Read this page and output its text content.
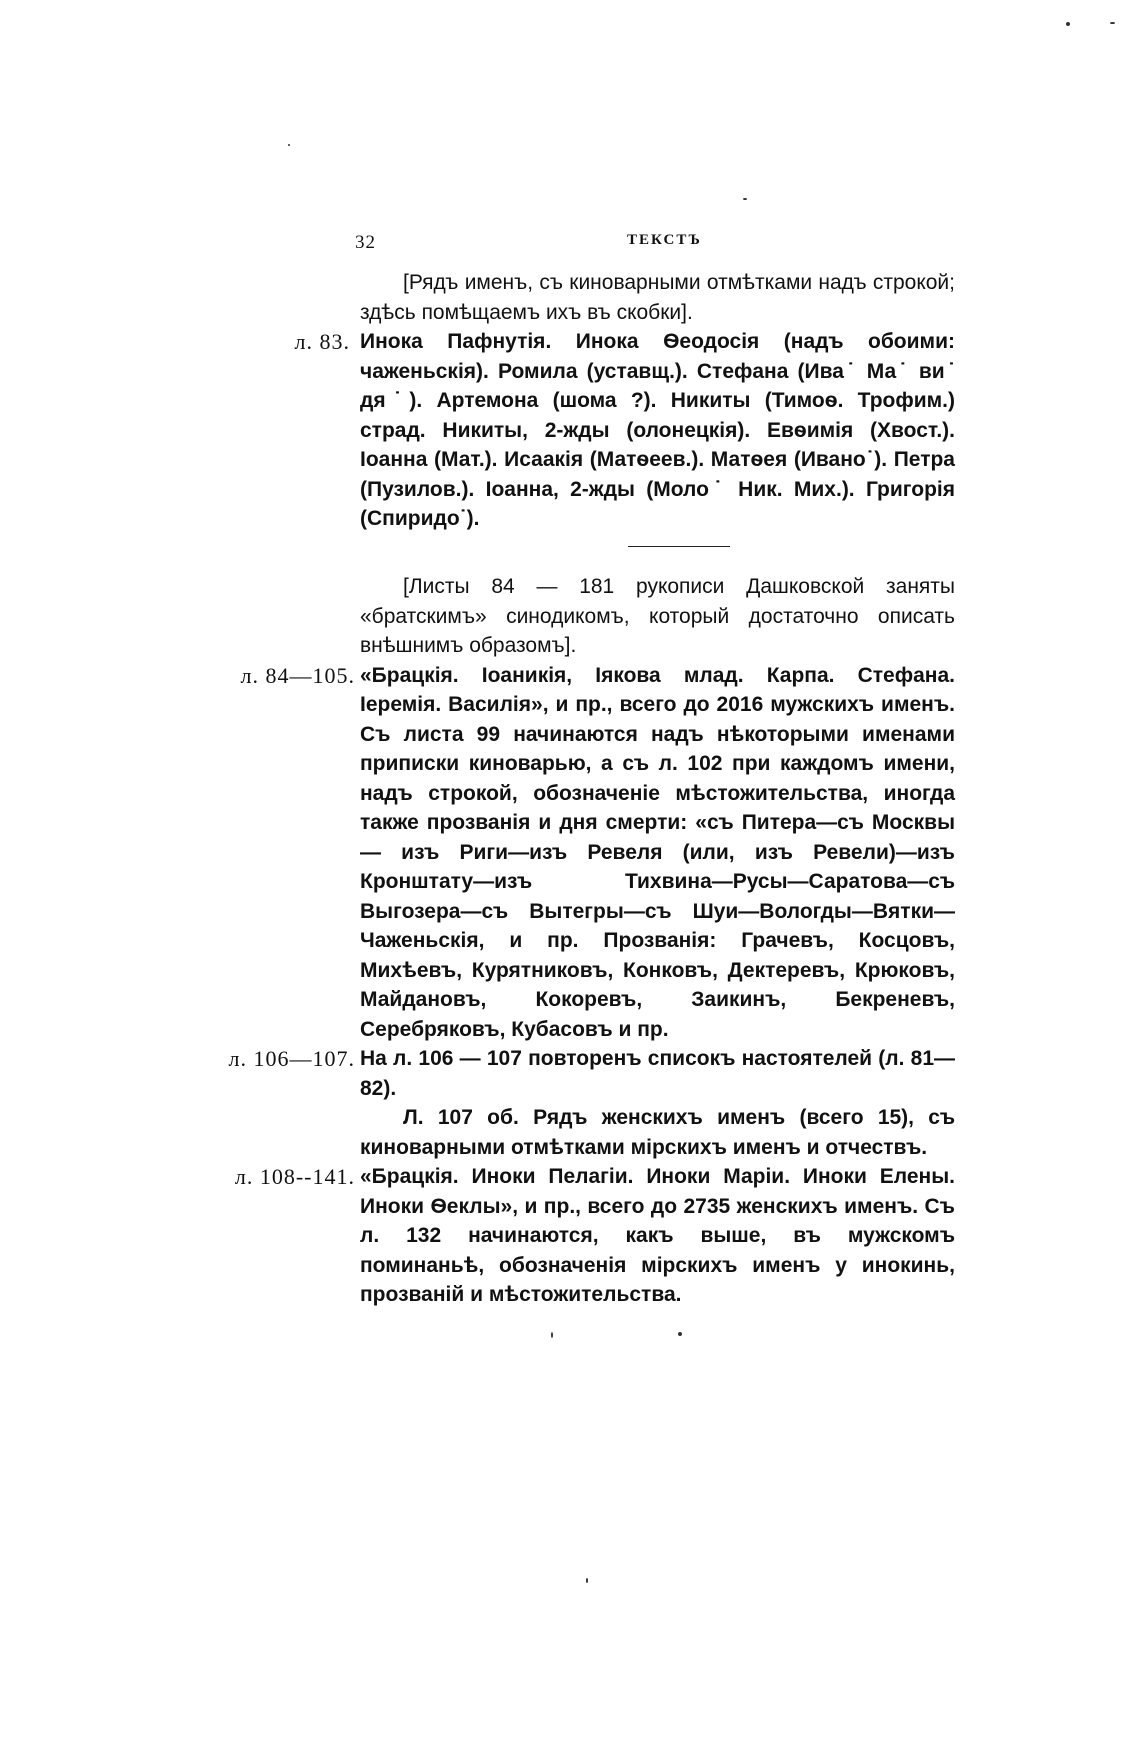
32	ТЕКСТЪ
[Рядъ именъ, съ киноварными отмѣтками надъ строкой; здѣсь помѣщаемъ ихъ въ скобки].
л. 83. Инока Пафнутія. Инока Ѳеодосія (надъ обоими: чаженьскія). Ромила (уставщ.). Стефана (Ива˙ Ма˙ ви˙ дя˙). Артемона (шома ?). Никиты (Тимоѳ. Трофим.) страд. Никиты, 2-жды (олонецкія). Евѳимія (Хвост.). Іоанна (Мат.). Исаакія (Матѳеев.). Матѳея (Ивано˙). Петра (Пузилов.). Іоанна, 2-жды (Моло˙ Ник. Мих.). Григорія (Спиридо˙).
[Листы 84 — 181 рукописи Дашковской заняты «братскимъ» синодикомъ, который достаточно описать внѣшнимъ образомъ].
л. 84—105. «Брацкія. Іоаникія, Іякова млад. Карпа. Стефана. Іеремія. Василія», и пр., всего до 2016 мужскихъ именъ. Съ листа 99 начинаются надъ нѣкоторыми именами приписки киноварью, а съ л. 102 при каждомъ имени, надъ строкой, обозначеніе мѣстожительства, иногда также прозванія и дня смерти: «съ Питера—съ Москвы — изъ Риги—изъ Ревеля (или, изъ Ревели)—изъ Кронштату—изъ Тихвина—Русы—Саратова—съ Выгозера—съ Вытегры—съ Шуи—Вологды—Вятки—Чаженьскія, и пр. Прозванія: Грачевъ, Косцовъ, Михѣевъ, Курятниковъ, Конковъ, Дектеревъ, Крюковъ, Майдановъ, Кокоревъ, Заикинъ, Бекреневъ, Серебряковъ, Кубасовъ и пр.
л. 106—107. На л. 106 — 107 повторенъ списокъ настоятелей (л. 81—82).
Л. 107 об. Рядъ женскихъ именъ (всего 15), съ киноварными отмѣтками мірскихъ именъ и отчествъ.
л. 108--141. «Брацкія. Иноки Пелагіи. Иноки Маріи. Иноки Елены. Иноки Ѳеклы», и пр., всего до 2735 женскихъ именъ. Съ л. 132 начинаются, какъ выше, въ мужскомъ поминаньѣ, обозначенія мірскихъ именъ у инокинь, прозваній и мѣстожительства.
